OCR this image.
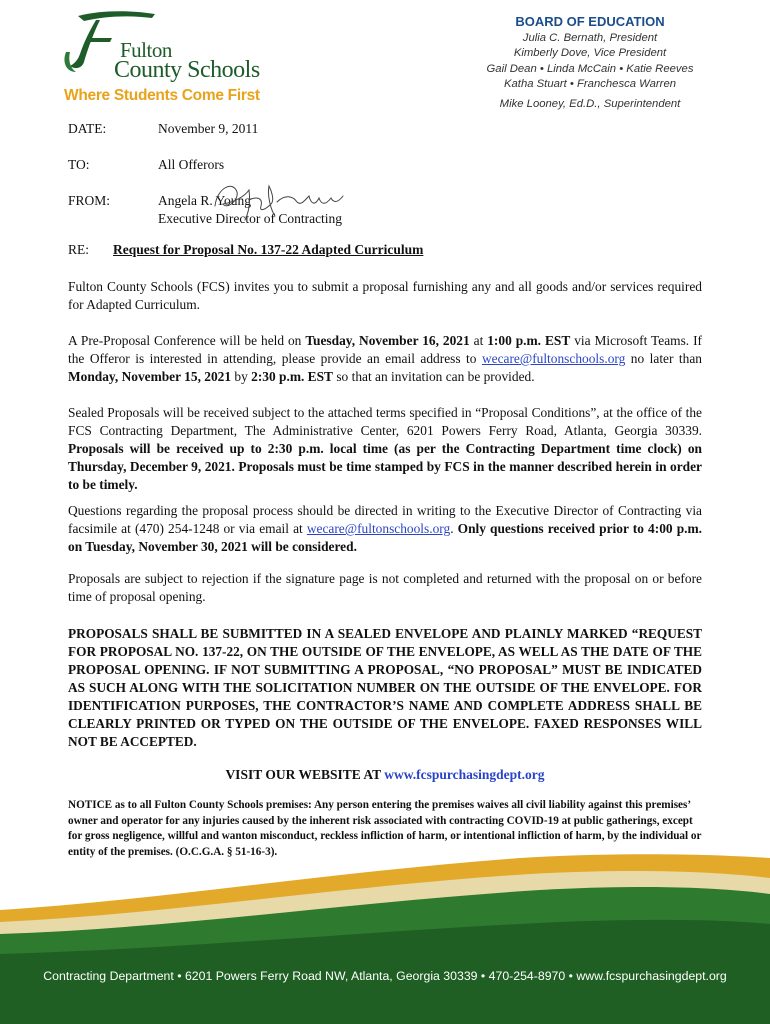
Fulton
County Schools
Where Students Come First
BOARD OF EDUCATION
Julia C. Bernath, President
Kimberly Dove, Vice President
Gail Dean • Linda McCain • Katie Reeves
Katha Stuart • Franchesca Warren
Mike Looney, Ed.D., Superintendent
DATE:	November 9, 2011
TO:	All Offerors
FROM:	Angela R. Young
Executive Director of Contracting
RE: Request for Proposal No. 137-22 Adapted Curriculum
Fulton County Schools (FCS) invites you to submit a proposal furnishing any and all goods and/or services required for Adapted Curriculum.
A Pre-Proposal Conference will be held on Tuesday, November 16, 2021 at 1:00 p.m. EST via Microsoft Teams. If the Offeror is interested in attending, please provide an email address to wecare@fultonschools.org no later than Monday, November 15, 2021 by 2:30 p.m. EST so that an invitation can be provided.
Sealed Proposals will be received subject to the attached terms specified in “Proposal Conditions”, at the office of the FCS Contracting Department, The Administrative Center, 6201 Powers Ferry Road, Atlanta, Georgia 30339. Proposals will be received up to 2:30 p.m. local time (as per the Contracting Department time clock) on Thursday, December 9, 2021. Proposals must be time stamped by FCS in the manner described herein in order to be timely.
Questions regarding the proposal process should be directed in writing to the Executive Director of Contracting via facsimile at (470) 254-1248 or via email at wecare@fultonschools.org. Only questions received prior to 4:00 p.m. on Tuesday, November 30, 2021 will be considered.
Proposals are subject to rejection if the signature page is not completed and returned with the proposal on or before time of proposal opening.
PROPOSALS SHALL BE SUBMITTED IN A SEALED ENVELOPE AND PLAINLY MARKED “REQUEST FOR PROPOSAL NO. 137-22, ON THE OUTSIDE OF THE ENVELOPE, AS WELL AS THE DATE OF THE PROPOSAL OPENING. IF NOT SUBMITTING A PROPOSAL, “NO PROPOSAL” MUST BE INDICATED AS SUCH ALONG WITH THE SOLICITATION NUMBER ON THE OUTSIDE OF THE ENVELOPE. FOR IDENTIFICATION PURPOSES, THE CONTRACTOR’S NAME AND COMPLETE ADDRESS SHALL BE CLEARLY PRINTED OR TYPED ON THE OUTSIDE OF THE ENVELOPE. FAXED RESPONSES WILL NOT BE ACCEPTED.
VISIT OUR WEBSITE AT www.fcspurchasingdept.org
NOTICE as to all Fulton County Schools premises: Any person entering the premises waives all civil liability against this premises’ owner and operator for any injuries caused by the inherent risk associated with contracting COVID-19 at public gatherings, except for gross negligence, willful and wanton misconduct, reckless infliction of harm, or intentional infliction of harm, by the individual or entity of the premises. (O.C.G.A. § 51-16-3).
Contracting Department • 6201 Powers Ferry Road NW, Atlanta, Georgia 30339 • 470-254-8970 • www.fcspurchasingdept.org
